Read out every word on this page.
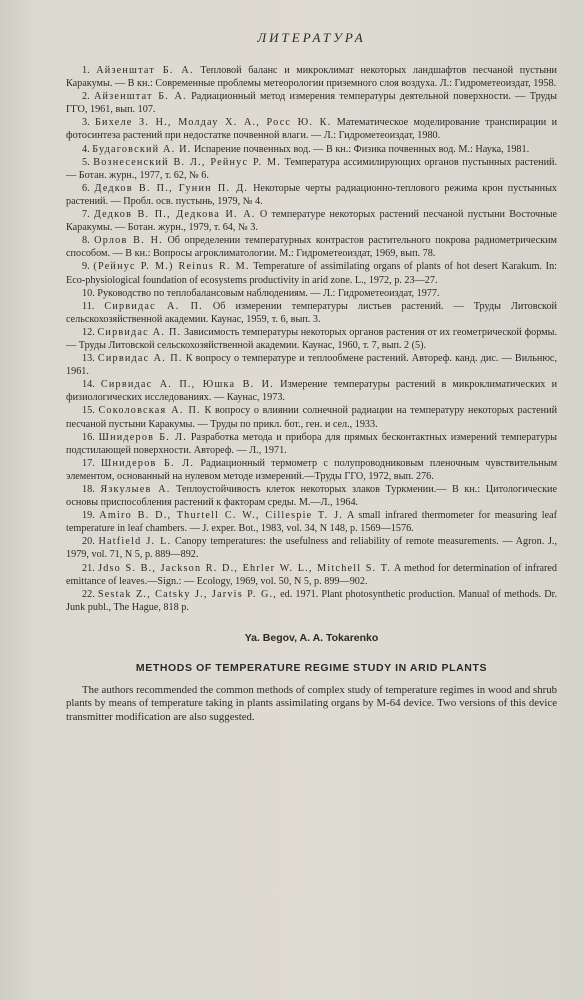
ЛИТЕРАТУРА

1. Айзенштат Б. А. Тепловой баланс и микроклимат некоторых ландшафтов песчаной пустыни Каракумы. — В кн.: Современные проблемы метеорологии приземного слоя воздуха. Л.: Гидрометеоиздат, 1958.

2. Айзенштат Б. А. Радиационный метод измерения температуры деятельной поверхности. — Труды ГГО, 1961, вып. 107.

3. Бихеле З. Н., Молдау Х. А., Росс Ю. К. Математическое моделирование транспирации и фотосинтеза растений при недостатке почвенной влаги. — Л.: Гидрометеоиздат, 1980.

4. Будаговский А. И. Испарение почвенных вод. — В кн.: Физика почвенных вод. М.: Наука, 1981.

5. Вознесенский В. Л., Рейнус Р. М. Температура ассимилирующих органов пустынных растений. — Ботан. журн., 1977, т. 62, № 6.

6. Дедков В. П., Гунин П. Д. Некоторые черты радиационно-теплового режима крон пустынных растений. — Пробл. осв. пустынь, 1979, № 4.

7. Дедков В. П., Дедкова И. А. О температуре некоторых растений песчаной пустыни Восточные Каракумы. — Ботан. журн., 1979, т. 64, № 3.

8. Орлов В. Н. Об определении температурных контрастов растительного покрова радиометрическим способом. — В кн.: Вопросы агроклиматологии. М.: Гидрометеоиздат, 1969, вып. 78.

9. (Рейнус Р. М.) Reinus R. M. Temperature of assimilating organs of plants of hot desert Karakum. In: Eco-physiological foundation of ecosystems productivity in arid zone. L., 1972, p. 23—27.

10. Руководство по теплобалансовым наблюдениям. — Л.: Гидрометеоиздат, 1977.

11. Сирвидас А. П. Об измерении температуры листьев растений. — Труды Литовской сельскохозяйственной академии. Каунас, 1959, т. 6, вып. 3.

12. Сирвидас А. П. Зависимость температуры некоторых органов растения от их геометрической формы. — Труды Литовской сельскохозяйственной академии. Каунас, 1960, т. 7, вып. 2 (5).

13. Сирвидас А. П. К вопросу о температуре и теплообмене растений. Автореф. канд. дис. — Вильнюс, 1961.

14. Сирвидас А. П., Юшка В. И. Измерение температуры растений в микроклиматических и физиологических исследованиях. — Каунас, 1973.

15. Соколовская А. П. К вопросу о влиянии солнечной радиации на температуру некоторых растений песчаной пустыни Каракумы. — Труды по прикл. бот., ген. и сел., 1933.

16. Шнидеров Б. Л. Разработка метода и прибора для прямых бесконтактных измерений температуры подстилающей поверхности. Автореф. — Л., 1971.

17. Шнидеров Б. Л. Радиационный термометр с полупроводниковым пленочным чувствительным элементом, основанный на нулевом методе измерений.—Труды ГГО, 1972, вып. 276.

18. Язкулыев А. Теплоустойчивость клеток некоторых злаков Туркмении.— В кн.: Цитологические основы приспособления растений к факторам среды. М.—Л., 1964.

19. Amiro B. D., Thurtell C. W., Cillespie T. J. A small infrared thermometer for measuring leaf temperature in leaf chambers. — J. exper. Bot., 1983, vol. 34, N 148, p. 1569—1576.

20. Hatfield J. L. Canopy temperatures: the usefulness and reliability of remote measurements. — Agron. J., 1979, vol. 71, N 5, p. 889—892.

21. Jdso S. B., Jackson R. D., Ehrler W. L., Mitchell S. T. A method for determination of infrared emittance of leaves.—Sign.: — Ecology, 1969, vol. 50, N 5, p. 899—902.

22. Sestak Z., Catsky J., Jarvis P. G., ed. 1971. Plant photosynthetic production. Manual of methods. Dr. Junk publ., The Hague, 818 p.

Ya. Begov, A. A. Tokarenko
METHODS OF TEMPERATURE REGIME STUDY IN ARID PLANTS

The authors recommended the common methods of complex study of temperature regimes in wood and shrub plants by means of temperature taking in plants assimilating organs by M-64 device. Two versions of this device transmitter modification are also suggested.
